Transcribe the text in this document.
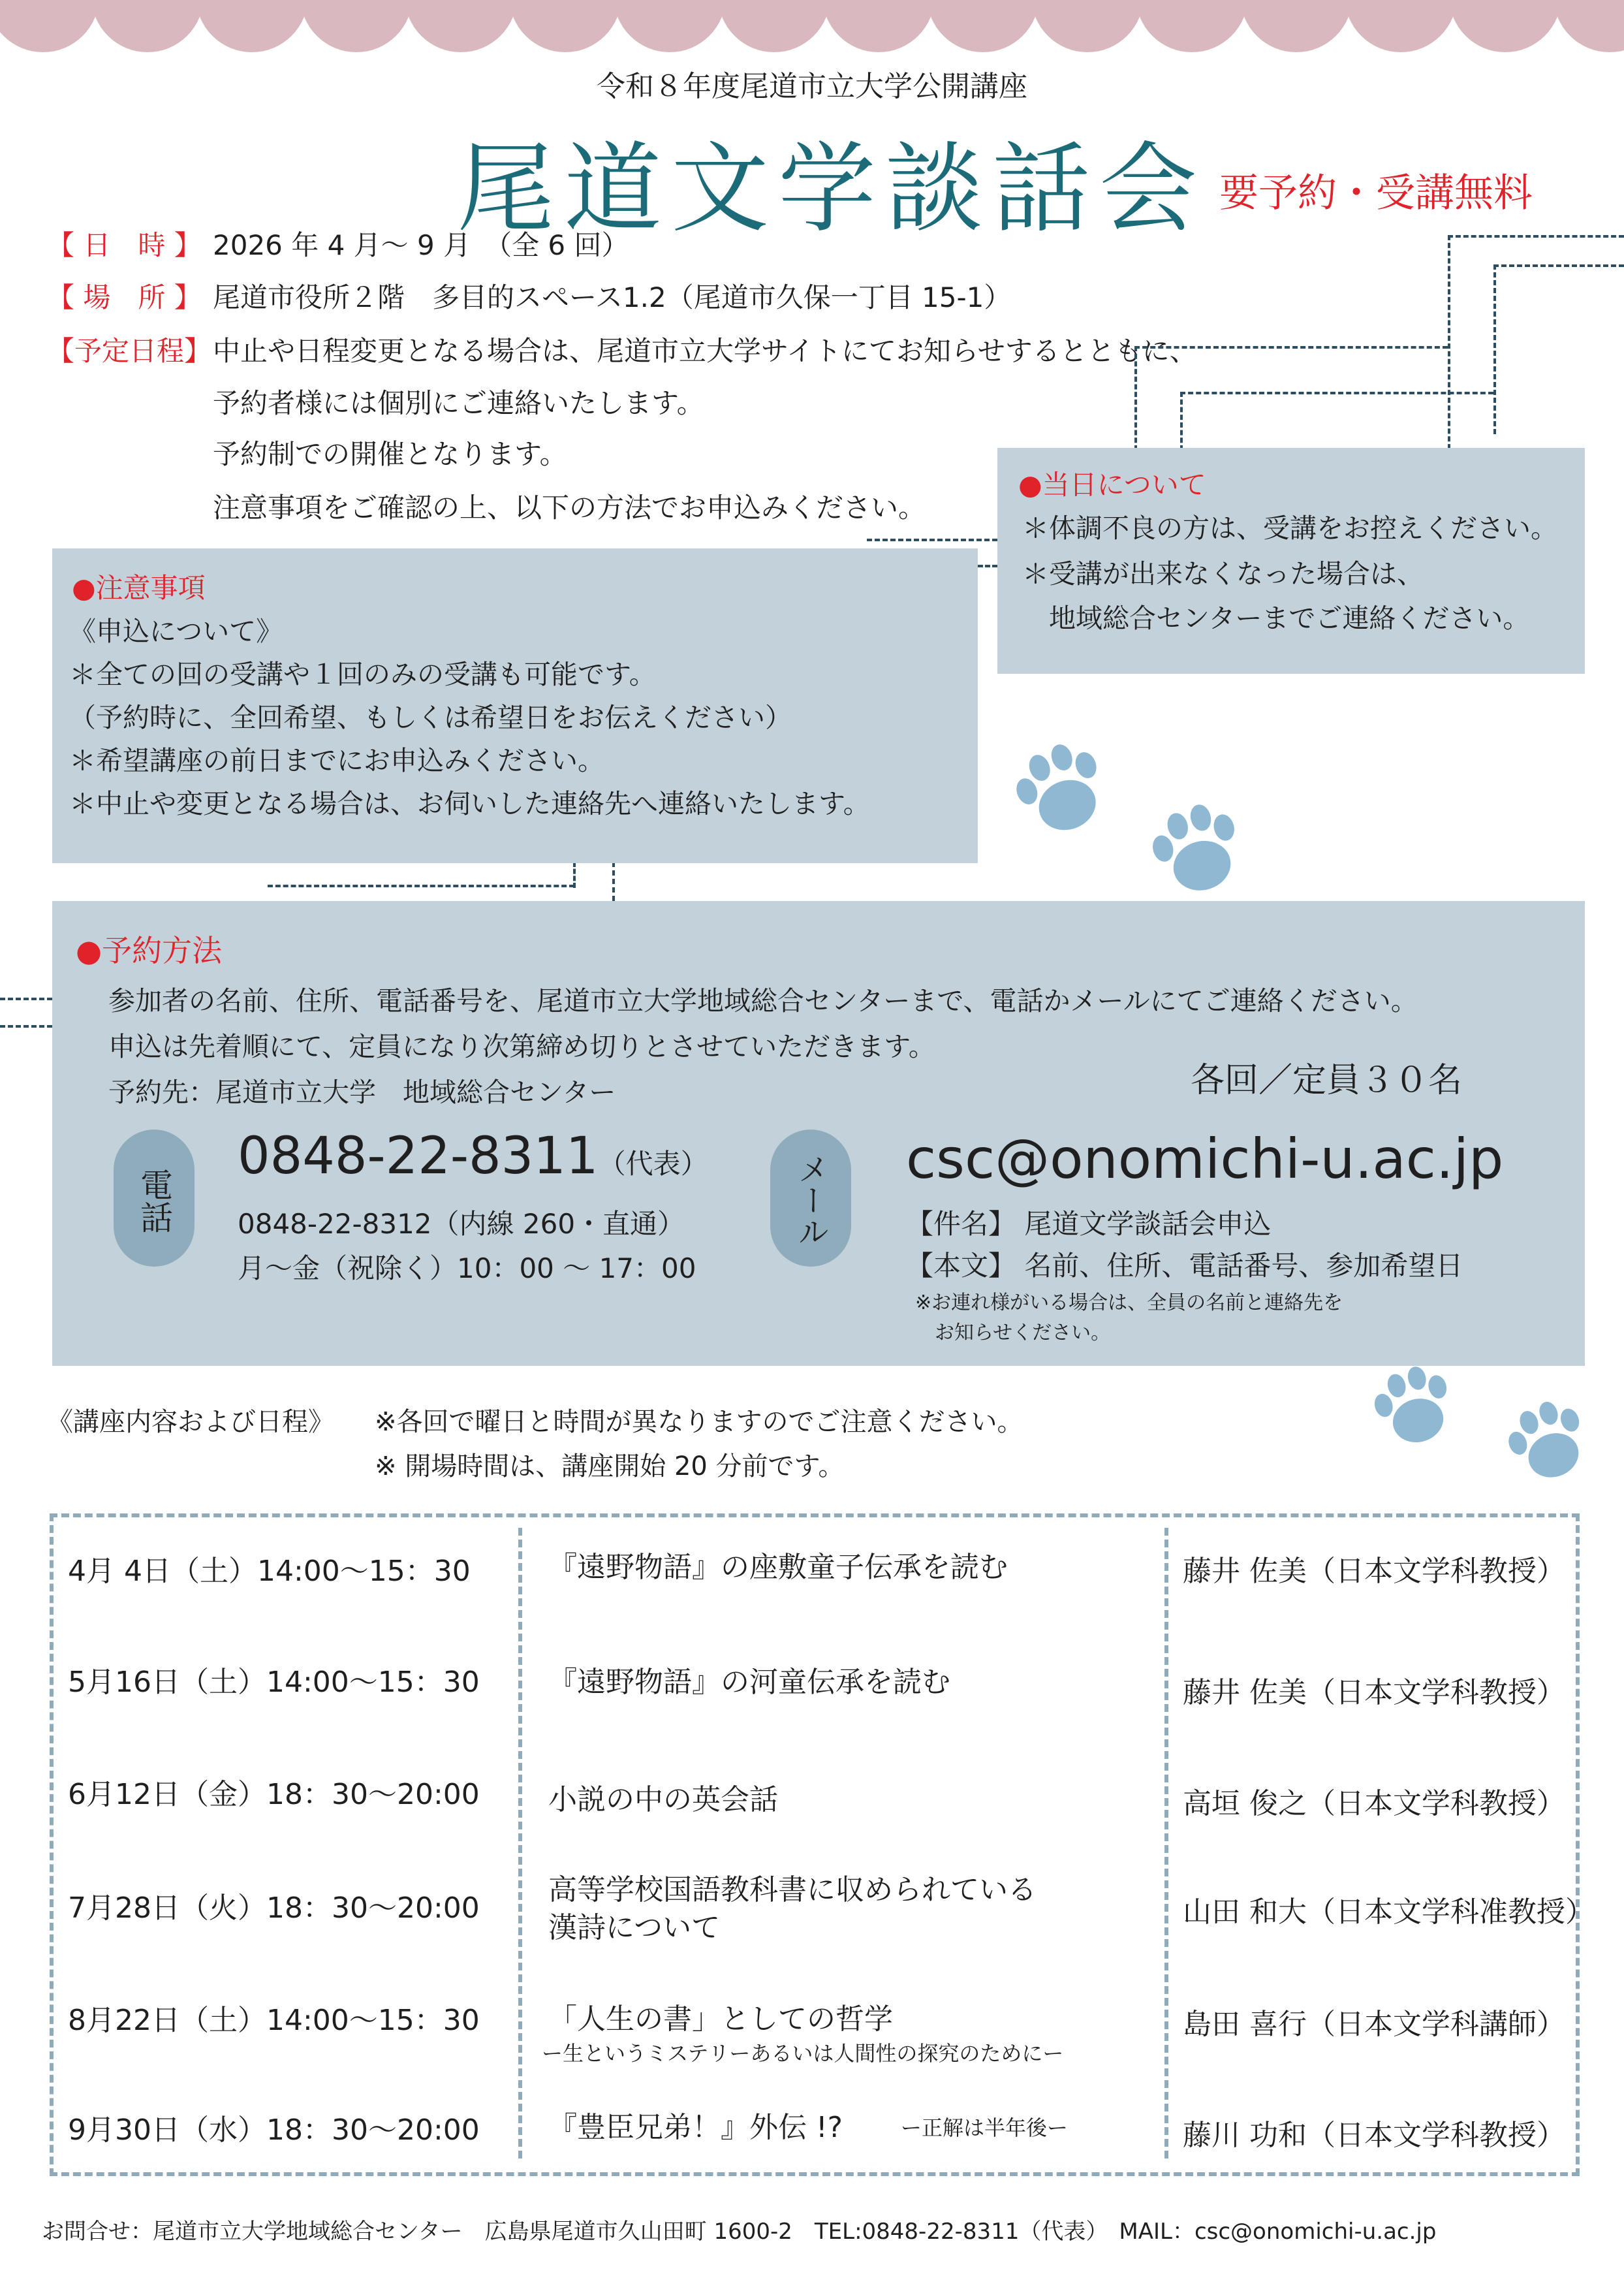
令和８年度尾道市立大学公開講座
尾道文学談話会 要予約・受講無料
【 日　時 】 2026 年 4 月～ 9 月　（全 6 回）
【 場　所 】 尾道市役所２階　多目的スペース1.2（尾道市久保一丁目 15-1）
【予定日程】中止や日程変更となる場合は、尾道市立大学サイトにてお知らせするとともに、
予約者様には個別にご連絡いたします。
予約制での開催となります。
注意事項をご確認の上、以下の方法でお申込みください。
●注意事項
《申込について》
＊全ての回の受講や１回のみの受講も可能です。
（予約時に、全回希望、もしくは希望日をお伝えください）
＊希望講座の前日までにお申込みください。
＊中止や変更となる場合は、お伺いした連絡先へ連絡いたします。
●当日について
＊体調不良の方は、受講をお控えください。
＊受講が出来なくなった場合は、
　地域総合センターまでご連絡ください。
●予約方法
参加者の名前、住所、電話番号を、尾道市立大学地域総合センターまで、電話かメールにてご連絡ください。
申込は先着順にて、定員になり次第締め切りとさせていただきます。
予約先：尾道市立大学　地域総合センター	各回／定員３０名
電話
0848-22-8311（代表）
0848-22-8312（内線 260・直通）
月～金（祝除く）10：00 ～ 17：00
メール	csc@onomichi-u.ac.jp
【件名】 尾道文学談話会申込
【本文】 名前、住所、電話番号、参加希望日
※お連れ様がいる場合は、全員の名前と連絡先を
　お知らせください。
《講座内容および日程》 ※各回で曜日と時間が異なりますのでご注意ください。
※ 開場時間は、講座開始 20 分前です。
4月 4日（土）14:00～15：30	『遠野物語』の座敷童子伝承を読む	藤井 佐美（日本文学科教授）
5月16日（土）14:00～15：30 『遠野物語』の河童伝承を読む	藤井 佐美（日本文学科教授）
6月12日（金）18：30～20:00 小説の中の英会話	高垣 俊之（日本文学科教授）
7月28日（火）18：30～20:00
高等学校国語教科書に収められている
漢詩について	山田 和大（日本文学科准教授）
8月22日（土）14:00～15：30 「人生の書」としての哲学
ー生というミステリーあるいは人間性の探究のためにー
島田 喜行（日本文学科講師）
9月30日（水）18：30～20:00 『豊臣兄弟！』外伝 !?	ー正解は半年後ー	藤川 功和（日本文学科教授）
お問合せ：尾道市立大学地域総合センター　広島県尾道市久山田町 1600-2　TEL:0848-22-8311（代表）　MAIL：csc@onomichi-u.ac.jp
